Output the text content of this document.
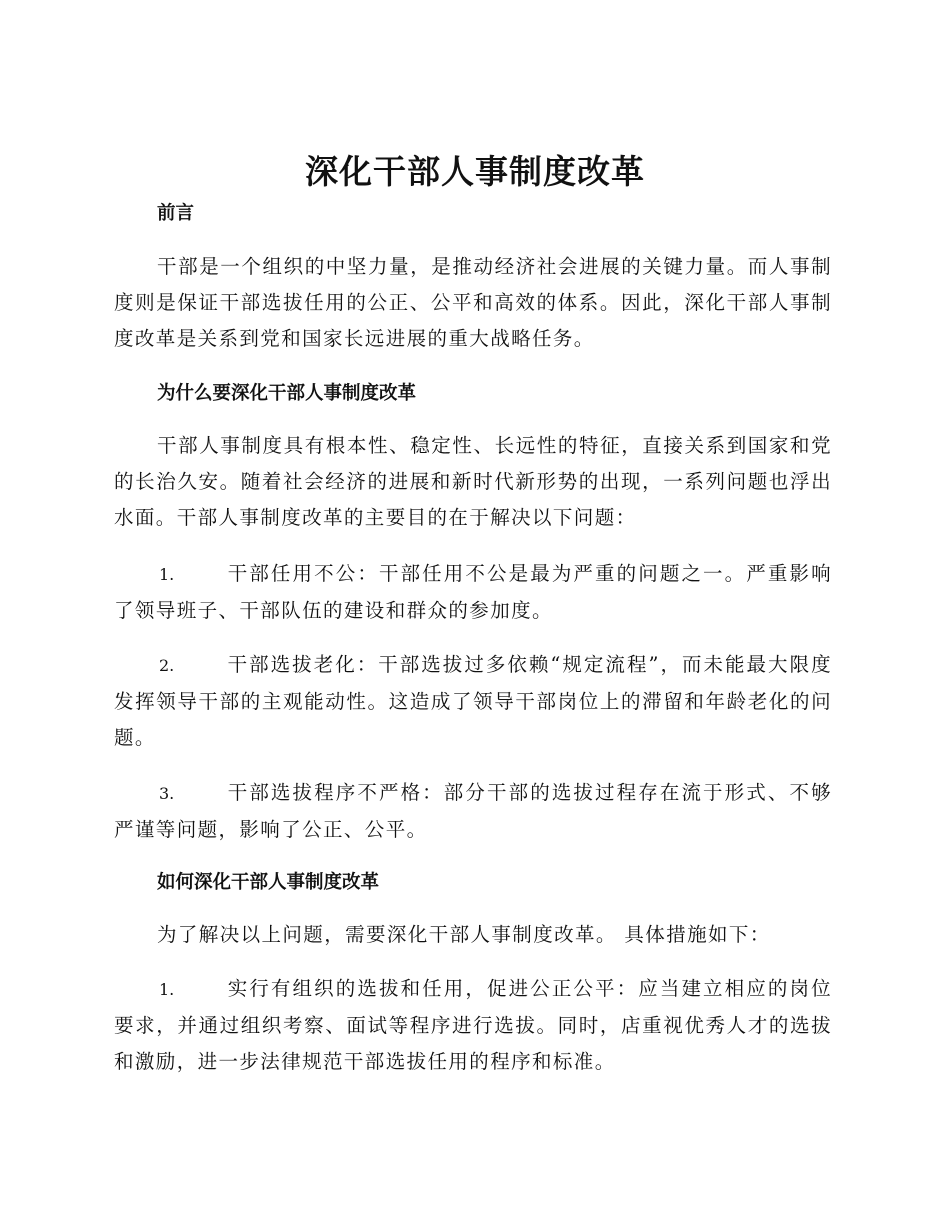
深化干部人事制度改革
前言

干部是一个组织的中坚力量，是推动经济社会进展的关键力量。而人事制度则是保证干部选拔任用的公正、公平和高效的体系。因此，深化干部人事制度改革是关系到党和国家长远进展的重大战略任务。

为什么要深化干部人事制度改革

干部人事制度具有根本性、稳定性、长远性的特征，直接关系到国家和党的长治久安。随着社会经济的进展和新时代新形势的出现，一系列问题也浮出水面。干部人事制度改革的主要目的在于解决以下问题：

1.	干部任用不公：干部任用不公是最为严重的问题之一。严重影响了领导班子、干部队伍的建设和群众的参加度。

2.	干部选拔老化：干部选拔过多依赖“规定流程”，而未能最大限度发挥领导干部的主观能动性。这造成了领导干部岗位上的滞留和年龄老化的问题。

3.	干部选拔程序不严格：部分干部的选拔过程存在流于形式、不够严谨等问题，影响了公正、公平。

如何深化干部人事制度改革

为了解决以上问题，需要深化干部人事制度改革。 具体措施如下：

1.	实行有组织的选拔和任用，促进公正公平：应当建立相应的岗位要求，并通过组织考察、面试等程序进行选拔。同时，店重视优秀人才的选拔和激励，进一步法律规范干部选拔任用的程序和标准。
